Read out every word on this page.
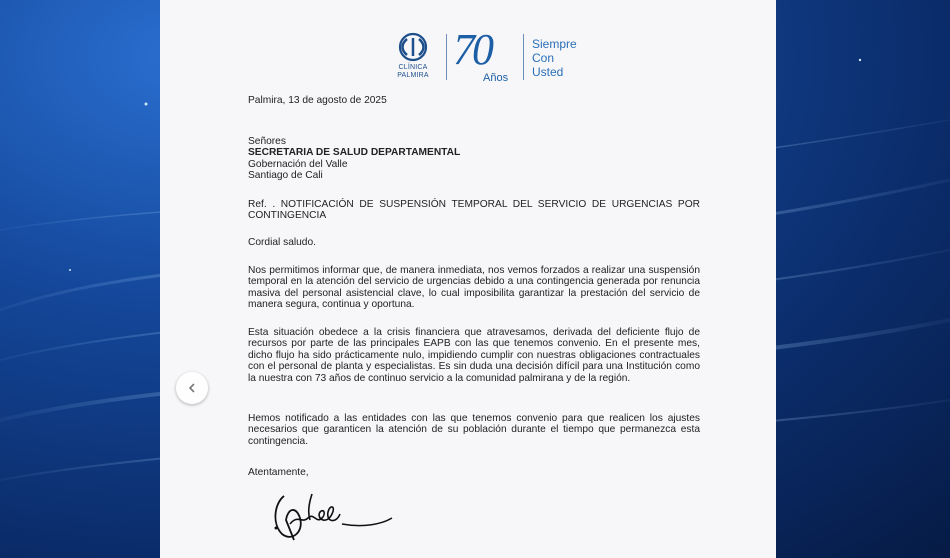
CLÍNICA
PALMIRA
70
Años
Siempre
Con
Usted

Palmira, 13 de agosto de 2025

Señores

SECRETARIA DE SALUD DEPARTAMENTAL

Gobernación del Valle

Santiago de Cali

Ref. . NOTIFICACIÓN DE SUSPENSIÓN TEMPORAL DEL SERVICIO DE URGENCIAS POR CONTINGENCIA

Cordial saludo.

Nos permitimos informar que, de manera inmediata, nos vemos forzados a realizar una suspensión temporal en la atención del servicio de urgencias debido a una contingencia generada por renuncia masiva del personal asistencial clave, lo cual imposibilita garantizar la prestación del servicio de manera segura, continua y oportuna.

Esta situación obedece a la crisis financiera que atravesamos, derivada del deficiente flujo de recursos por parte de las principales EAPB con las que tenemos convenio. En el presente mes, dicho flujo ha sido prácticamente nulo, impidiendo cumplir con nuestras obligaciones contractuales con el personal de planta y especialistas. Es sin duda una decisión difícil para una Institución como la nuestra con 73 años de continuo servicio a la comunidad palmirana y de la región.

Hemos notificado a las entidades con las que tenemos convenio para que realicen los ajustes necesarios que garanticen la atención de su población durante el tiempo que permanezca esta contingencia.

Atentamente,
